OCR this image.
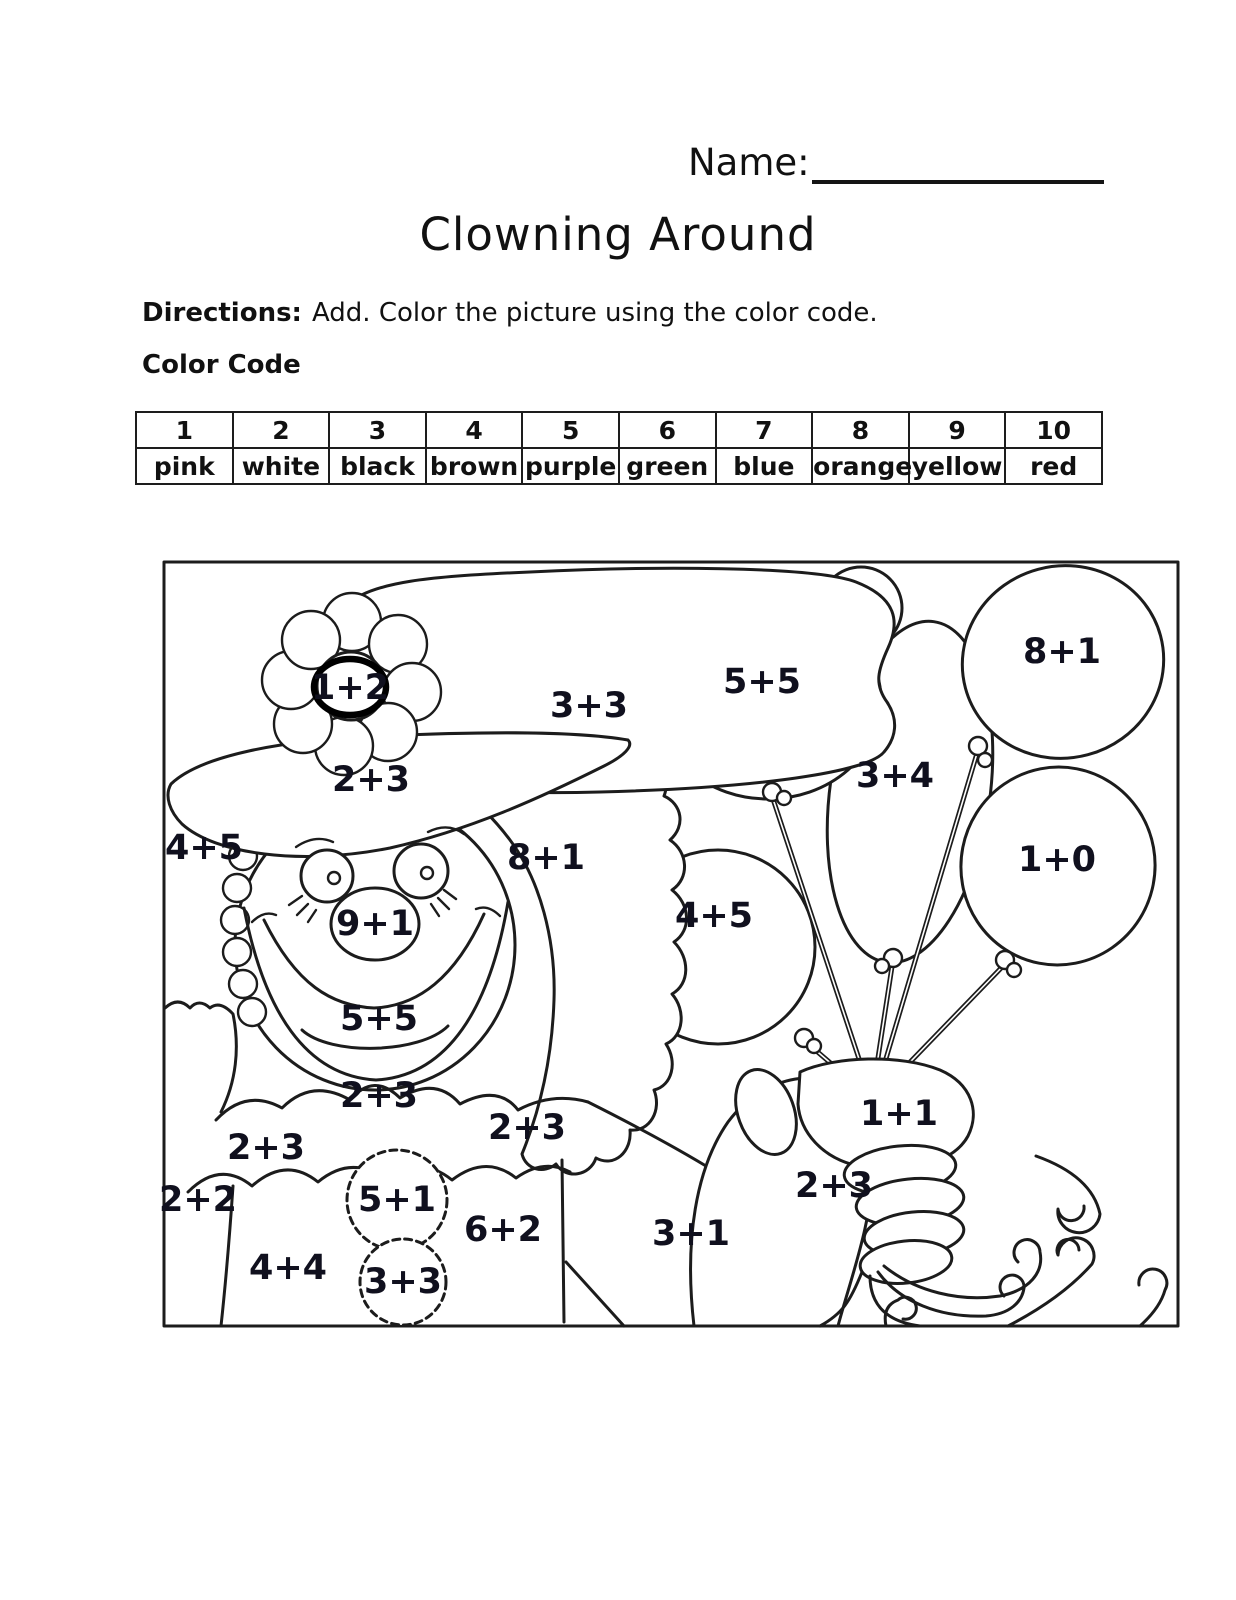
Name:
Clowning Around
Directions: Add. Color the picture using the color code.
Color Code
1	2	3	4	5	6	7	8	9	10
pink	white	black	brown	purple	green	blue	orange	yellow	red
1+2
2+3
3+3
5+5
8+1
3+4
4+5	8+1	1+0
9+1	4+5
5+5
2+3	1+1
2+3	2+3
2+2	5+1	2+3
3+1
6+2
4+4 3+3
